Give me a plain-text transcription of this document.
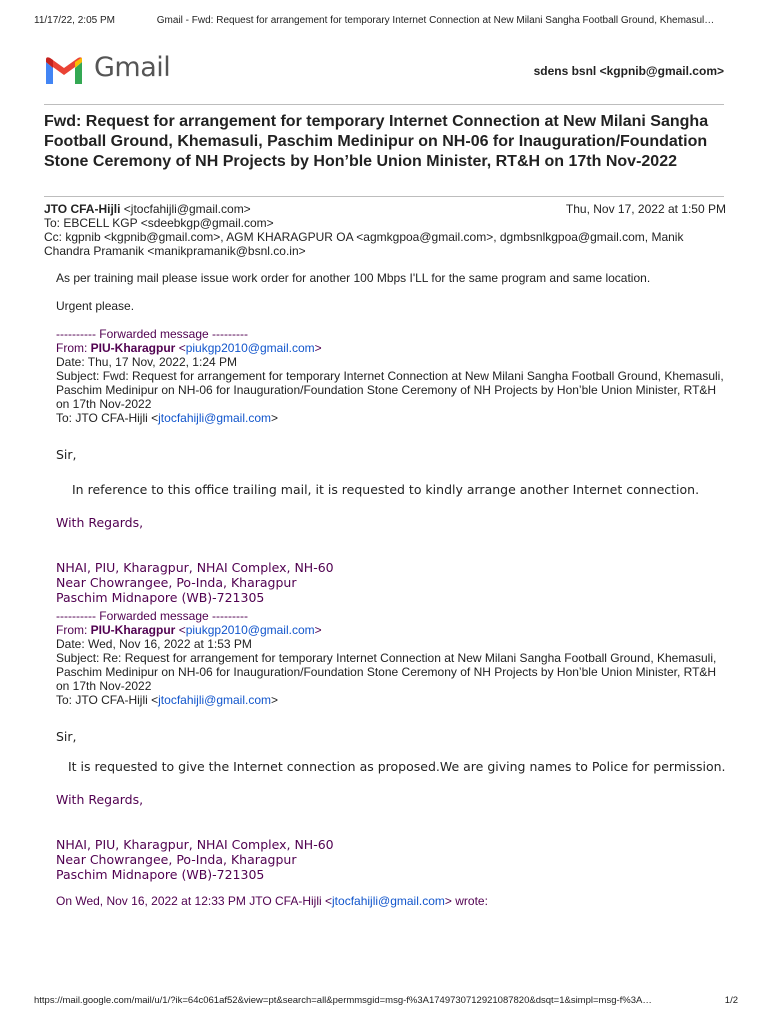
11/17/22, 2:05 PM	Gmail - Fwd: Request for arrangement for temporary Internet Connection at New Milani Sangha Football Ground, Khemasul…
Gmail	sdens bsnl <kgpnib@gmail.com>
Fwd: Request for arrangement for temporary Internet Connection at New Milani Sangha Football Ground, Khemasuli, Paschim Medinipur on NH-06 for Inauguration/Foundation Stone Ceremony of NH Projects by Hon’ble Union Minister, RT&H on 17th Nov-2022
JTO CFA-Hijli <jtocfahijli@gmail.com>	Thu, Nov 17, 2022 at 1:50 PM
To: EBCELL KGP <sdeebkgp@gmail.com>
Cc: kgpnib <kgpnib@gmail.com>, AGM KHARAGPUR OA <agmkgpoa@gmail.com>, dgmbsnlkgpoa@gmail.com, Manik Chandra Pramanik <manikpramanik@bsnl.co.in>

As per training mail please issue work order for another 100 Mbps I'LL for the same program and same location.

Urgent please.

---------- Forwarded message ---------
From: PIU-Kharagpur <piukgp2010@gmail.com>
Date: Thu, 17 Nov, 2022, 1:24 PM
Subject: Fwd: Request for arrangement for temporary Internet Connection at New Milani Sangha Football Ground, Khemasuli, Paschim Medinipur on NH-06 for Inauguration/Foundation Stone Ceremony of NH Projects by Hon’ble Union Minister, RT&H on 17th Nov-2022
To: JTO CFA-Hijli <jtocfahijli@gmail.com>
Sir,
In reference to this office trailing mail, it is requested to kindly arrange another Internet connection.
With Regards,
NHAI, PIU, Kharagpur, NHAI Complex, NH-60
Near Chowrangee, Po-Inda, Kharagpur
Paschim Midnapore (WB)-721305
---------- Forwarded message ---------
From: PIU-Kharagpur <piukgp2010@gmail.com>
Date: Wed, Nov 16, 2022 at 1:53 PM
Subject: Re: Request for arrangement for temporary Internet Connection at New Milani Sangha Football Ground, Khemasuli, Paschim Medinipur on NH-06 for Inauguration/Foundation Stone Ceremony of NH Projects by Hon’ble Union Minister, RT&H on 17th Nov-2022
To: JTO CFA-Hijli <jtocfahijli@gmail.com>
Sir,
It is requested to give the Internet connection as proposed.We are giving names to Police for permission.
With Regards,
NHAI, PIU, Kharagpur, NHAI Complex, NH-60
Near Chowrangee, Po-Inda, Kharagpur
Paschim Midnapore (WB)-721305
On Wed, Nov 16, 2022 at 12:33 PM JTO CFA-Hijli <jtocfahijli@gmail.com> wrote:
https://mail.google.com/mail/u/1/?ik=64c061af52&view=pt&search=all&permmsgid=msg-f%3A1749730712921087820&dsqt=1&simpl=msg-f%3A…	1/2
